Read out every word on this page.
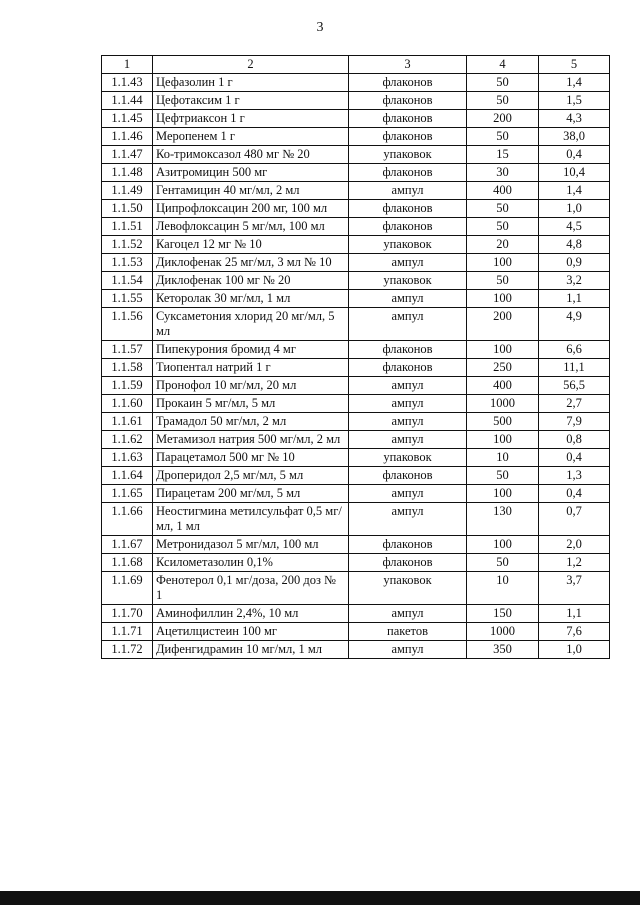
3
1	2	3	4	5
1.1.43	Цефазолин 1 г	флаконов	50	1,4
1.1.44	Цефотаксим 1 г	флаконов	50	1,5
1.1.45	Цефтриаксон 1 г	флаконов	200	4,3
1.1.46	Меропенем 1 г	флаконов	50	38,0
1.1.47	Ко-тримоксазол 480 мг № 20	упаковок	15	0,4
1.1.48	Азитромицин 500 мг	флаконов	30	10,4
1.1.49	Гентамицин 40 мг/мл, 2 мл	ампул	400	1,4
1.1.50	Ципрофлоксацин 200 мг, 100 мл	флаконов	50	1,0
1.1.51	Левофлоксацин 5 мг/мл, 100 мл	флаконов	50	4,5
1.1.52	Кагоцел 12 мг № 10	упаковок	20	4,8
1.1.53	Диклофенак 25 мг/мл, 3 мл № 10	ампул	100	0,9
1.1.54	Диклофенак 100 мг № 20	упаковок	50	3,2
1.1.55	Кеторолак 30 мг/мл, 1 мл	ампул	100	1,1
1.1.56	Суксаметония хлорид 20 мг/мл, 5 мл	ампул	200	4,9
1.1.57	Пипекурония бромид 4 мг	флаконов	100	6,6
1.1.58	Тиопентал натрий 1 г	флаконов	250	11,1
1.1.59	Пронофол 10 мг/мл, 20 мл	ампул	400	56,5
1.1.60	Прокаин 5 мг/мл, 5 мл	ампул	1000	2,7
1.1.61	Трамадол 50 мг/мл, 2 мл	ампул	500	7,9
1.1.62	Метамизол натрия 500 мг/мл, 2 мл	ампул	100	0,8
1.1.63	Парацетамол 500 мг № 10	упаковок	10	0,4
1.1.64	Дроперидол 2,5 мг/мл, 5 мл	флаконов	50	1,3
1.1.65	Пирацетам 200 мг/мл, 5 мл	ампул	100	0,4
1.1.66	Неостигмина метилсульфат 0,5 мг/мл, 1 мл	ампул	130	0,7
1.1.67	Метронидазол 5 мг/мл, 100 мл	флаконов	100	2,0
1.1.68	Ксилометазолин 0,1%	флаконов	50	1,2
1.1.69	Фенотерол 0,1 мг/доза, 200 доз № 1	упаковок	10	3,7
1.1.70	Аминофиллин 2,4%, 10 мл	ампул	150	1,1
1.1.71	Ацетилцистеин 100 мг	пакетов	1000	7,6
1.1.72	Дифенгидрамин 10 мг/мл, 1 мл	ампул	350	1,0
